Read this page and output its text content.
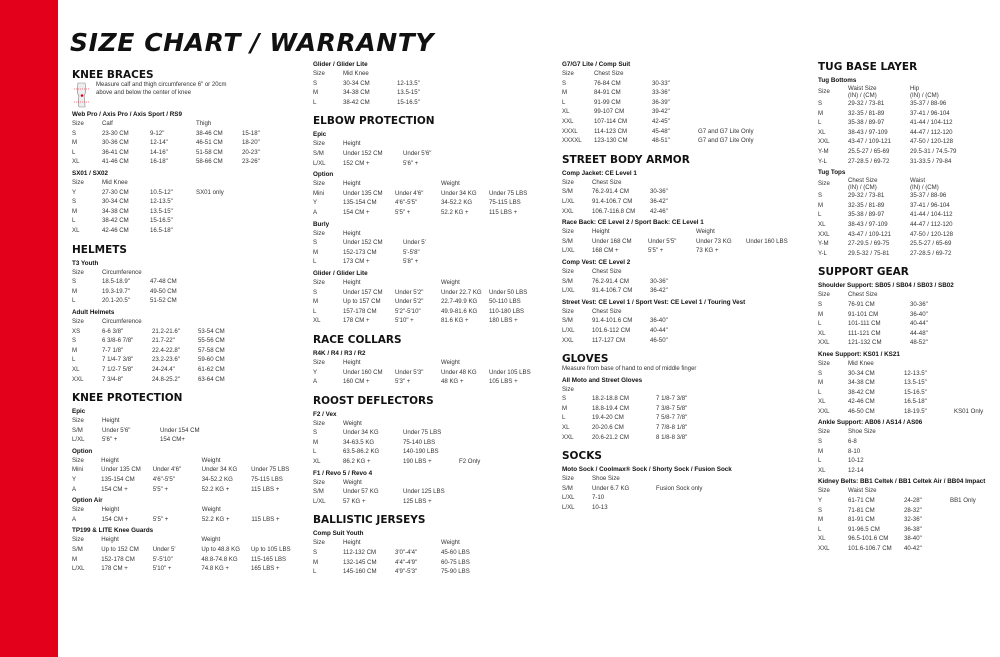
SIZE CHART / WARRANTY
KNEE BRACES
Measure calf and thigh circumference 6" or 20cm above and below the center of knee
Web Pro / Axis Pro / Axis Sport / RS9
Size	Calf		Thigh	
S	23-30 CM	9-12"	38-46 CM	15-18"
M	30-36 CM	12-14"	46-51 CM	18-20"
L	36-41 CM	14-16"	51-58 CM	20-23"
XL	41-46 CM	16-18"	58-66 CM	23-26"
SX01 / SX02
Size	Mid Knee		
Y	27-30 CM	10.5-12"	SX01 only
S	30-34 CM	12-13.5"	
M	34-38 CM	13.5-15"	
L	38-42 CM	15-16.5"	
XL	42-46 CM	16.5-18"	
HELMETS
T3 Youth
Size	Circumference	
S	18.5-18.9"	47-48 CM
M	19.3-19.7"	49-50 CM
L	20.1-20.5"	51-52 CM
Adult Helmets
Size	Circumference		
XS	6-6 3/8"	21.2-21.6"	53-54 CM
S	6 3/8-6 7/8"	21.7-22"	55-56 CM
M	7-7 1/8"	22.4-22.8"	57-58 CM
L	7 1/4-7 3/8"	23.2-23.6"	59-60 CM
XL	7 1/2-7 5/8"	24-24.4"	61-62 CM
XXL	7 3/4-8"	24.8-25.2"	63-64 CM
KNEE PROTECTION
Epic
Size	Height	
S/M	Under 5'6"	Under 154 CM
L/XL	5'6" +	154 CM+
Option
Size	Height		Weight	
Mini	Under 135 CM	Under 4'6"	Under 34 KG	Under 75 LBS
Y	135-154 CM	4'6"-5'5"	34-52.2 KG	75-115 LBS
A	154 CM +	5'5" +	52.2 KG +	115 LBS +
Option Air
Size	Height		Weight	
A	154 CM +	5'5" +	52.2 KG +	115 LBS +
TP199 & LITE Knee Guards
Size	Height		Weight	
S/M	Up to 152 CM	Under 5'	Up to 48.8 KG	Up to 105 LBS
M	152-178 CM	5'-5'10"	48.8-74.8 KG	115-165 LBS
L/XL	178 CM +	5'10" +	74.8 KG +	165 LBS +
Glider / Glider Lite
Size	Mid Knee	
S	30-34 CM	12-13.5"
M	34-38 CM	13.5-15"
L	38-42 CM	15-16.5"
ELBOW PROTECTION
Epic
Size	Height	
S/M	Under 152 CM	Under 5'6"
L/XL	152 CM +	5'6" +
Option
Size	Height		Weight	
Mini	Under 135 CM	Under 4'6"	Under 34 KG	Under 75 LBS
Y	135-154 CM	4'6"-5'5"	34-52.2 KG	75-115 LBS
A	154 CM +	5'5" +	52.2 KG +	115 LBS +
Burly
Size	Height	
S	Under 152 CM	Under 5'
M	152-173 CM	5'-5'8"
L	173 CM +	5'8" +
Glider / Glider Lite
Size	Height		Weight	
S	Under 157 CM	Under 5'2"	Under 22.7 KG	Under 50 LBS
M	Up to 157 CM	Under 5'2"	22.7-49.9 KG	50-110 LBS
L	157-178 CM	5'2"-5'10"	49.9-81.6 KG	110-180 LBS
XL	178 CM +	5'10" +	81.6 KG +	180 LBS +
RACE COLLARS
R4K / R4 / R3 / R2
Size	Height		Weight	
Y	Under 160 CM	Under 5'3"	Under 48 KG	Under 105 LBS
A	160 CM +	5'3" +	48 KG +	105 LBS +
ROOST DEFLECTORS
F2 / Vex
Size	Weight		
S	Under 34 KG	Under 75 LBS	
M	34-63.5 KG	75-140 LBS	
L	63.5-86.2 KG	140-190 LBS	
XL	86.2 KG +	190 LBS +	F2 Only
F1 / Revo 5 / Revo 4
Size	Weight	
S/M	Under 57 KG	Under 125 LBS
L/XL	57 KG +	125 LBS +
BALLISTIC JERSEYS
Comp Suit Youth
Size	Height		Weight
S	112-132 CM	3'0"-4'4"	45-60 LBS
M	132-145 CM	4'4"-4'9"	60-75 LBS
L	145-160 CM	4'9"-5'3"	75-90 LBS
G7/G7 Lite / Comp Suit
Size	Chest Size		
S	76-84 CM	30-33"	
M	84-91 CM	33-36"	
L	91-99 CM	36-39"	
XL	99-107 CM	39-42"	
XXL	107-114 CM	42-45"	
XXXL	114-123 CM	45-48"	G7 and G7 Lite Only
XXXXL	123-130 CM	48-51"	G7 and G7 Lite Only
STREET BODY ARMOR
Comp Jacket: CE Level 1
Size	Chest Size	
S/M	76.2-91.4 CM	30-36"
L/XL	91.4-106.7 CM	36-42"
XXL	106.7-116.8 CM	42-46"
Race Back: CE Level 2 / Sport Back: CE Level 1
Size	Height		Weight	
S/M	Under 168 CM	Under 5'5"	Under 73 KG	Under 160 LBS
L/XL	168 CM +	5'5" +	73 KG +	
Comp Vest: CE Level 2
Size	Chest Size	
S/M	76.2-91.4 CM	30-36"
L/XL	91.4-106.7 CM	36-42"
Street Vest: CE Level 1 / Sport Vest: CE Level 1 / Touring Vest
Size	Chest Size	
S/M	91.4-101.6 CM	36-40"
L/XL	101.6-112 CM	40-44"
XXL	117-127 CM	46-50"
GLOVES
Measure from base of hand to end of middle finger
All Moto and Street Gloves
Size		
S	18.2-18.8 CM	7 1/8-7 3/8"
M	18.8-19.4 CM	7 3/8-7 5/8"
L	19.4-20 CM	7 5/8-7 7/8"
XL	20-20.6 CM	7 7/8-8 1/8"
XXL	20.6-21.2 CM	8 1/8-8 3/8"
SOCKS
Moto Sock / Coolmax® Sock / Shorty Sock / Fusion Sock
Size	Shoe Size	
S/M	Under 6.7 KG	Fusion Sock only
L/XL	7-10	
L/XL	10-13	
TUG BASE LAYER
Tug Bottoms
Size	Waist Size
(IN) / (CM)	Hip
(IN) / (CM)
S	29-32 / 73-81	35-37 / 88-96
M	32-35 / 81-89	37-41 / 96-104
L	35-38 / 89-97	41-44 / 104-112
XL	38-43 / 97-109	44-47 / 112-120
XXL	43-47 / 109-121	47-50 / 120-128
Y-M	25.5-27 / 65-69	29.5-31 / 74.5-79
Y-L	27-28.5 / 69-72	31-33.5 / 79-84
Tug Tops
Size	Chest Size
(IN) / (CM)	Waist
(IN) / (CM)
S	29-32 / 73-81	35-37 / 88-96
M	32-35 / 81-89	37-41 / 96-104
L	35-38 / 89-97	41-44 / 104-112
XL	38-43 / 97-109	44-47 / 112-120
XXL	43-47 / 109-121	47-50 / 120-128
Y-M	27-29.5 / 69-75	25.5-27 / 65-69
Y-L	29.5-32 / 75-81	27-28.5 / 69-72
SUPPORT GEAR
Shoulder Support: SB05 / SB04 / SB03 / SB02
Size	Chest Size	
S	76-91 CM	30-36"
M	91-101 CM	36-40"
L	101-111 CM	40-44"
XL	111-121 CM	44-48"
XXL	121-132 CM	48-52"
Knee Support: KS01 / KS21
Size	Mid Knee		
S	30-34 CM	12-13.5"	
M	34-38 CM	13.5-15"	
L	38-42 CM	15-16.5"	
XL	42-46 CM	16.5-18"	
XXL	46-50 CM	18-19.5"	KS01 Only
Ankle Support: AB06 / AS14 / AS06
Size	Shoe Size
S	6-8
M	8-10
L	10-12
XL	12-14
Kidney Belts: BB1 Celtek / BB1 Celtek Air / BB04 Impact
Size	Waist Size		
Y	61-71 CM	24-28"	BB1 Only
S	71-81 CM	28-32"	
M	81-91 CM	32-36"	
L	91-96.5 CM	36-38"	
XL	96.5-101.6 CM	38-40"	
XXL	101.6-106.7 CM	40-42"	
